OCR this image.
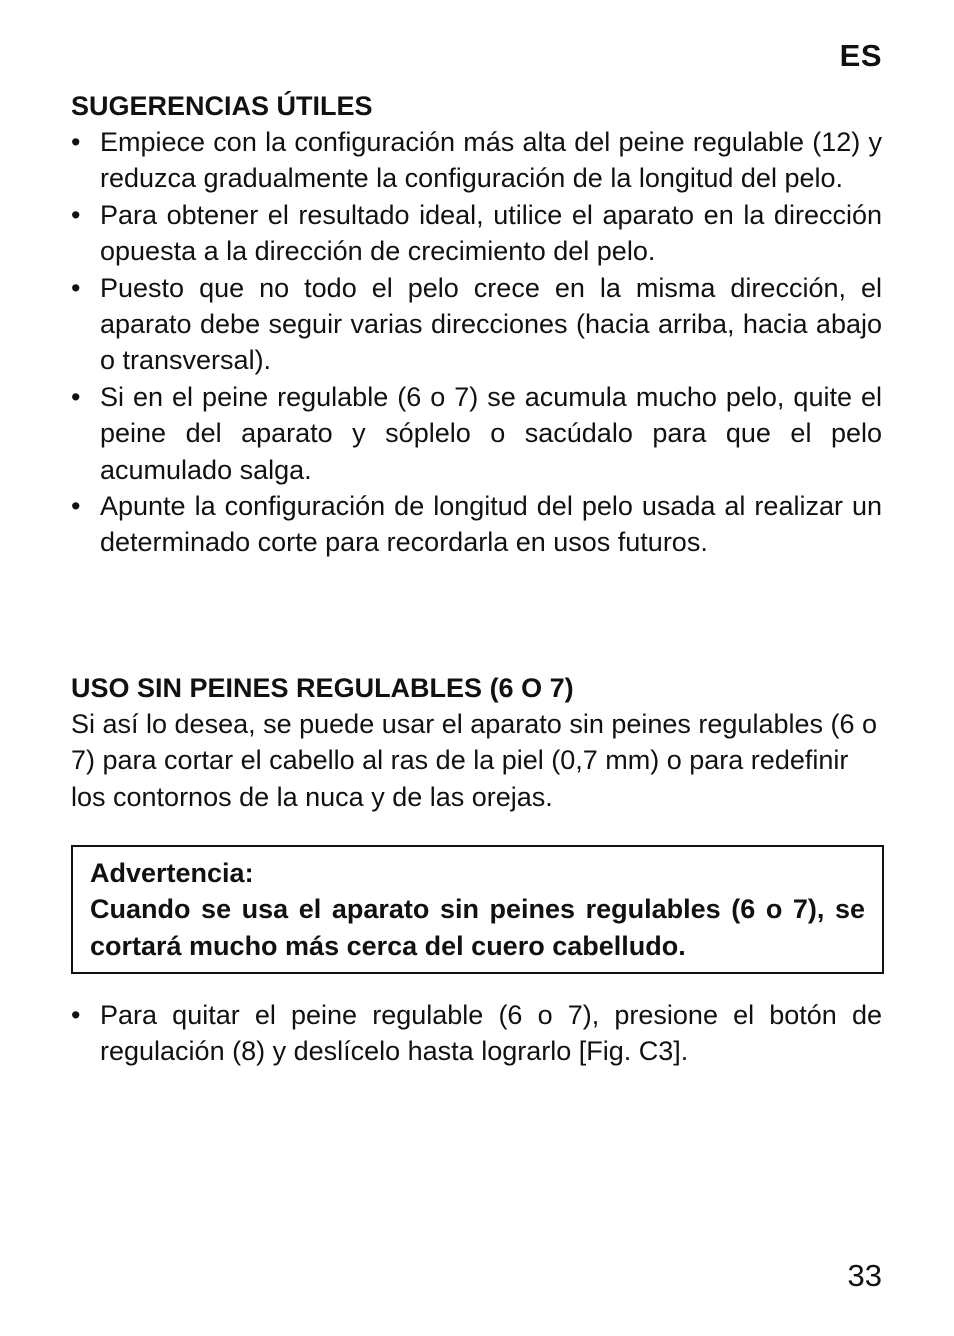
ES
SUGERENCIAS ÚTILES
• Empiece con la configuración más alta del peine regulable (12) y reduzca gradualmente la configuración de la longitud del pelo.
• Para obtener el resultado ideal, utilice el aparato en la dirección opuesta a la dirección de crecimiento del pelo.
• Puesto que no todo el pelo crece en la misma dirección, el aparato debe seguir varias direcciones (hacia arriba, hacia abajo o transversal).
• Si en el peine regulable (6 o 7) se acumula mucho pelo, quite el peine del aparato y sóplelo o sacúdalo para que el pelo acumulado salga.
• Apunte la configuración de longitud del pelo usada al realizar un determinado corte para recordarla en usos futuros.
USO SIN PEINES REGULABLES (6 O 7)

Si así lo desea, se puede usar el aparato sin peines regulables (6 o 7) para cortar el cabello al ras de la piel (0,7 mm) o para redefinir los contornos de la nuca y de las orejas.

Advertencia:
Cuando se usa el aparato sin peines regulables (6 o 7), se cortará mucho más cerca del cuero cabelludo.
• Para quitar el peine regulable (6 o 7), presione el botón de regulación (8) y deslícelo hasta lograrlo [Fig. C3].
33
